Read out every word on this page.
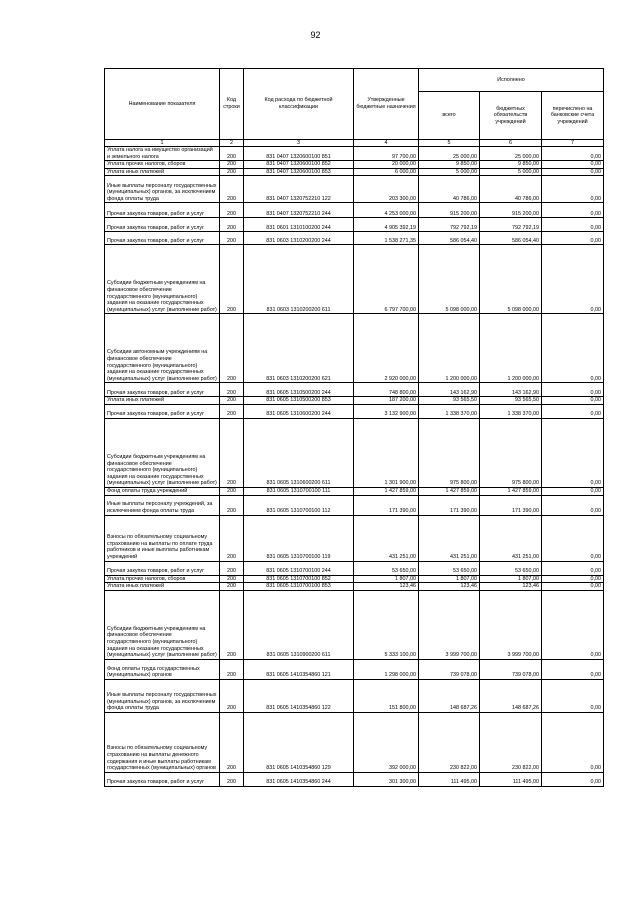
92
Наименование показателя	Код строки	Код расхода по бюджетной классификации	Утвержденные бюджетные назначения	Исполнено		
				всего	бюджетных обязательств учреждений	перечислено на банковские счета учреждений
1	2	3	4	5	6	7
Уплата налога на имущество организаций и земельного налога	200	831 0407 1320600100 851	97 700,00	25 000,00	25 000,00	0,00
Уплата прочих налогов, сборов	200	831 0407 1320600100 852	20 000,00	9 850,00	9 850,00	0,00
Уплата иных платежей	200	831 0407 1320600100 853	6 000,00	5 000,00	5 000,00	0,00
Иные выплаты персоналу государственных (муниципальных) органов, за исключением фонда оплаты труда	200	831 0407 1320752210 122	203 300,00	40 786,00	40 786,00	0,00
Прочая закупка товаров, работ и услуг	200	831 0407 1320752210 244	4 253 000,00	915 200,00	915 200,00	0,00
Прочая закупка товаров, работ и услуг	200	831 0601 1310100200 244	4 905 392,19	792 792,19	792 792,19	0,00
Прочая закупка товаров, работ и услуг	200	831 0603 1310200200 244	1 538 271,35	586 054,40	586 054,40	0,00
Субсидии бюджетным учреждениям на финансовое обеспечение государственного (муниципального) задания на оказание государственных (муниципальных) услуг (выполнение работ)	200	831 0603 1310200200 611	6 797 700,00	5 098 000,00	5 098 000,00	0,00
Субсидии автономным учреждениям на финансовое обеспечение государственного (муниципального) задания на оказание государственных (муниципальных) услуг (выполнение работ)	200	831 0603 1310200200 621	2 920 000,00	1 200 000,00	1 200 000,00	0,00
Прочая закупка товаров, работ и услуг	200	831 0605 1310500200 244	748 800,00	143 162,90	143 162,90	0,00
Уплата иных платежей	200	831 0605 1310500200 853	187 200,00	93 565,50	93 565,50	0,00
Прочая закупка товаров, работ и услуг	200	831 0605 1310600200 244	3 132 900,00	1 338 370,00	1 338 370,00	0,00
Субсидии бюджетным учреждениям на финансовое обеспечение государственного (муниципального) задания на оказание государственных (муниципальных) услуг (выполнение работ)	200	831 0605 1310600200 611	1 301 900,00	975 800,00	975 800,00	0,00
Фонд оплаты труда учреждений	200	831 0605 1310700100 111	1 427 859,00	1 427 859,00	1 427 859,00	0,00
Иные выплаты персоналу учреждений, за исключением фонда оплаты труда	200	831 0605 1310700100 112	171 390,00	171 390,00	171 390,00	0,00
Взносы по обязательному социальному страхованию на выплаты по оплате труда работников и иные выплаты работникам учреждений	200	831 0605 1310700100 119	431 251,00	431 251,00	431 251,00	0,00
Прочая закупка товаров, работ и услуг	200	831 0605 1310700100 244	53 650,00	53 650,00	53 650,00	0,00
Уплата прочих налогов, сборов	200	831 0605 1310700100 852	1 807,00	1 807,00	1 807,00	0,00
Уплата иных платежей	200	831 0605 1310700100 853	123,46	123,46	123,46	0,00
Субсидии бюджетным учреждениям на финансовое обеспечение государственного (муниципального) задания на оказание государственных (муниципальных) услуг (выполнение работ)	200	831 0605 1310900200 611	5 333 100,00	3 999 700,00	3 999 700,00	0,00
Фонд оплаты труда государственных (муниципальных) органов	200	831 0605 1410354860 121	1 298 000,00	739 078,00	739 078,00	0,00
Иные выплаты персоналу государственных (муниципальных) органов, за исключением фонда оплаты труда	200	831 0605 1410354860 122	151 800,00	148 687,26	148 687,26	0,00
Взносы по обязательному социальному страхованию на выплаты денежного содержания и иные выплаты работникам государственных (муниципальных) органов	200	831 0605 1410354860 129	392 000,00	230 822,00	230 822,00	0,00
Прочая закупка товаров, работ и услуг	200	831 0605 1410354860 244	301 300,00	111 495,00	111 495,00	0,00
